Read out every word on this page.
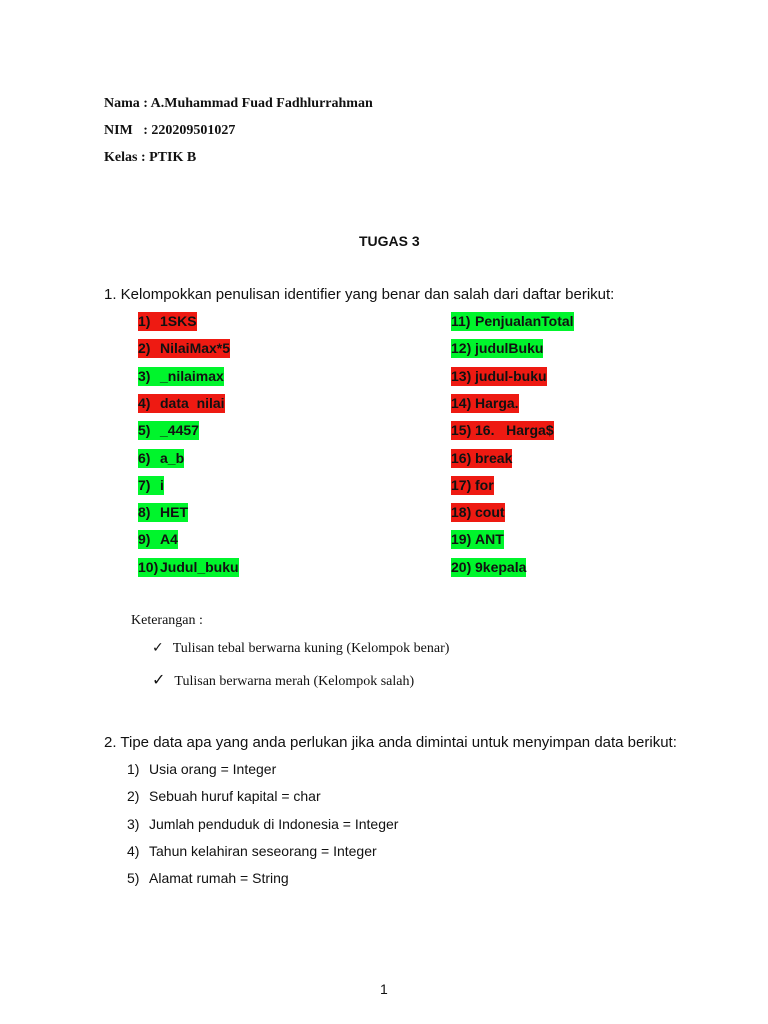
Nama : A.Muhammad Fuad Fadhlurrahman
NIM   : 220209501027
Kelas : PTIK B
TUGAS 3
1. Kelompokkan penulisan identifier yang benar dan salah dari daftar berikut:
1) 1SKS
2) NilaiMax*5
3) _nilaimax
4) data  nilai
5) _4457
6) a_b
7) i
8) HET
9) A4
10) Judul_buku
11) PenjualanTotal
12) judulBuku
13) judul-buku
14) Harga.
15) 16.   Harga$
16) break
17) for
18) cout
19) ANT
20) 9kepala
Keterangan :
✓ Tulisan tebal berwarna kuning (Kelompok benar)
✓ Tulisan berwarna merah (Kelompok salah)
2. Tipe data apa yang anda perlukan jika anda dimintai untuk menyimpan data berikut:
1) Usia orang = Integer
2) Sebuah huruf kapital = char
3) Jumlah penduduk di Indonesia = Integer
4) Tahun kelahiran seseorang = Integer
5) Alamat rumah = String
1
